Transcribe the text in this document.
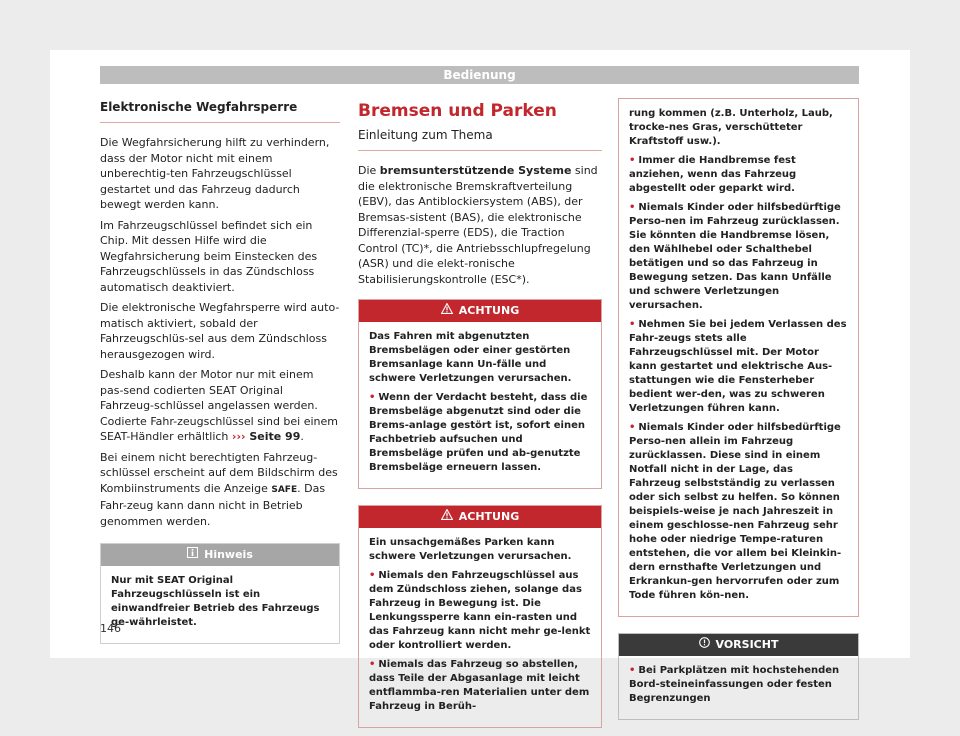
Bedienung
Elektronische Wegfahrsperre

Die Wegfahrsicherung hilft zu verhindern, dass der Motor nicht mit einem unberechtig-ten Fahrzeugschlüssel gestartet und das Fahrzeug dadurch bewegt werden kann.

Im Fahrzeugschlüssel befindet sich ein Chip. Mit dessen Hilfe wird die Wegfahrsicherung beim Einstecken des Fahrzeugschlüssels in das Zündschloss automatisch deaktiviert.

Die elektronische Wegfahrsperre wird auto-matisch aktiviert, sobald der Fahrzeugschlüs-sel aus dem Zündschloss herausgezogen wird.

Deshalb kann der Motor nur mit einem pas-send codierten SEAT Original Fahrzeug-schlüssel angelassen werden. Codierte Fahr-zeugschlüssel sind bei einem SEAT-Händler erhältlich ››› Seite 99.

Bei einem nicht berechtigten Fahrzeug-schlüssel erscheint auf dem Bildschirm des Kombiinstruments die Anzeige SAFE. Das Fahr-zeug kann dann nicht in Betrieb genommen werden.

Hinweis

Nur mit SEAT Original Fahrzeugschlüsseln ist ein einwandfreier Betrieb des Fahrzeugs ge-währleistet.

146
Bremsen und Parken
Einleitung zum Thema

Die bremsunterstützende Systeme sind die elektronische Bremskraftverteilung (EBV), das Antiblockiersystem (ABS), der Bremsas-sistent (BAS), die elektronische Differenzial-sperre (EDS), die Traction Control (TC)*, die Antriebsschlupfregelung (ASR) und die elekt-ronische Stabilisierungskontrolle (ESC*).

ACHTUNG

Das Fahren mit abgenutzten Bremsbelägen oder einer gestörten Bremsanlage kann Un-fälle und schwere Verletzungen verursachen.

• Wenn der Verdacht besteht, dass die Bremsbeläge abgenutzt sind oder die Brems-anlage gestört ist, sofort einen Fachbetrieb aufsuchen und Bremsbeläge prüfen und ab-genutzte Bremsbeläge erneuern lassen.

ACHTUNG

Ein unsachgemäßes Parken kann schwere Verletzungen verursachen.

• Niemals den Fahrzeugschlüssel aus dem Zündschloss ziehen, solange das Fahrzeug in Bewegung ist. Die Lenkungssperre kann ein-rasten und das Fahrzeug kann nicht mehr ge-lenkt oder kontrolliert werden.

• Niemals das Fahrzeug so abstellen, dass Teile der Abgasanlage mit leicht entflammba-ren Materialien unter dem Fahrzeug in Berüh-

rung kommen (z.B. Unterholz, Laub, trocke-nes Gras, verschütteter Kraftstoff usw.).

• Immer die Handbremse fest anziehen, wenn das Fahrzeug abgestellt oder geparkt wird.

• Niemals Kinder oder hilfsbedürftige Perso-nen im Fahrzeug zurücklassen. Sie könnten die Handbremse lösen, den Wählhebel oder Schalthebel betätigen und so das Fahrzeug in Bewegung setzen. Das kann Unfälle und schwere Verletzungen verursachen.

• Nehmen Sie bei jedem Verlassen des Fahr-zeugs stets alle Fahrzeugschlüssel mit. Der Motor kann gestartet und elektrische Aus-stattungen wie die Fensterheber bedient wer-den, was zu schweren Verletzungen führen kann.

• Niemals Kinder oder hilfsbedürftige Perso-nen allein im Fahrzeug zurücklassen. Diese sind in einem Notfall nicht in der Lage, das Fahrzeug selbstständig zu verlassen oder sich selbst zu helfen. So können beispiels-weise je nach Jahreszeit in einem geschlosse-nen Fahrzeug sehr hohe oder niedrige Tempe-raturen entstehen, die vor allem bei Kleinkin-dern ernsthafte Verletzungen und Erkrankun-gen hervorrufen oder zum Tode führen kön-nen.

VORSICHT

• Bei Parkplätzen mit hochstehenden Bord-steineinfassungen oder festen Begrenzungen
